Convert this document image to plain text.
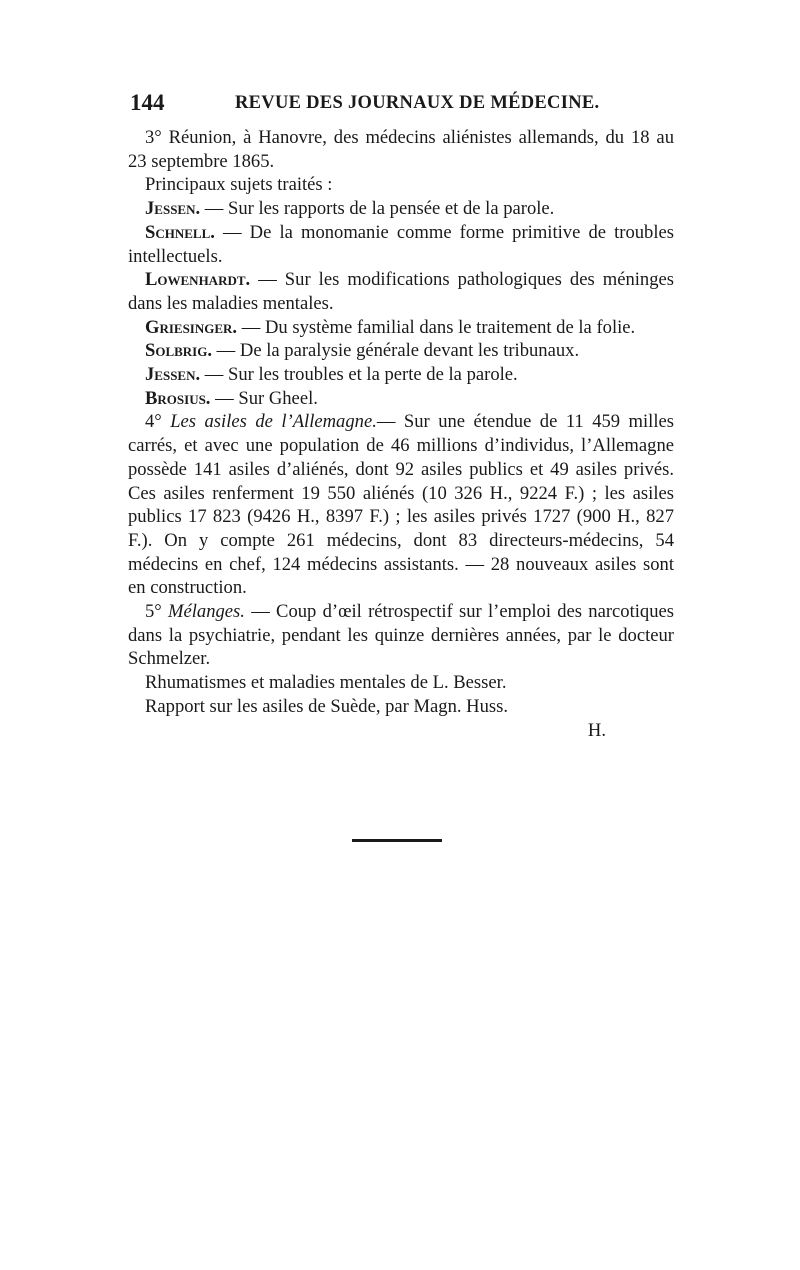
144	REVUE DES JOURNAUX DE MÉDECINE.

3° Réunion, à Hanovre, des médecins aliénistes allemands, du 18 au 23 septembre 1865.

Principaux sujets traités :

Jessen. — Sur les rapports de la pensée et de la parole.

Schnell. — De la monomanie comme forme primitive de troubles intellectuels.

Lowenhardt. — Sur les modifications pathologiques des méninges dans les maladies mentales.

Griesinger. — Du système familial dans le traitement de la folie.

Solbrig. — De la paralysie générale devant les tribunaux.

Jessen. — Sur les troubles et la perte de la parole.

Brosius. — Sur Gheel.

4° Les asiles de l’Allemagne.— Sur une étendue de 11 459 milles carrés, et avec une population de 46 millions d’individus, l’Allemagne possède 141 asiles d’aliénés, dont 92 asiles publics et 49 asiles privés. Ces asiles renferment 19 550 aliénés (10 326 H., 9224 F.) ; les asiles publics 17 823 (9426 H., 8397 F.) ; les asiles privés 1727 (900 H., 827 F.). On y compte 261 médecins, dont 83 directeurs-médecins, 54 médecins en chef, 124 médecins assistants. — 28 nouveaux asiles sont en construction.

5° Mélanges. — Coup d’œil rétrospectif sur l’emploi des narcotiques dans la psychiatrie, pendant les quinze dernières années, par le docteur Schmelzer.

Rhumatismes et maladies mentales de L. Besser.

Rapport sur les asiles de Suède, par Magn. Huss.

H.
